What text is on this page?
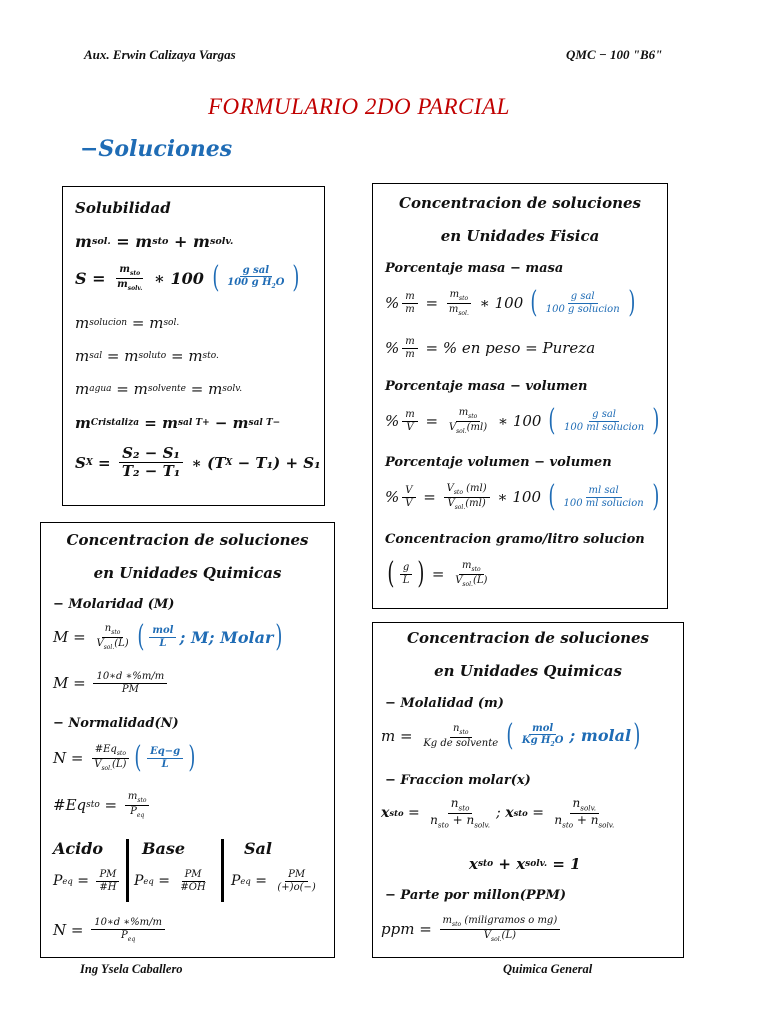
Aux. Erwin Calizaya Vargas	QMC − 100 "B6"
FORMULARIO 2DO PARCIAL
−Soluciones
Solubilidad
m sol. = m sto + m solv.
$S = m_{sto}$
$m_{solv.}$
∗ 100 (	g sal
100 g $H_2O$ )
m solucion = m sol.
m sal = m soluto = m sto.
m agua = m solvente = m solv.
m Cristaliza = m sal T+ − m sal T−
S $X = \frac{\text{S₂ − S₁}}{\text{T₂ − T₁}}$ ∗ (T X − T₁) + S₁
Concentracion de soluciones
en Unidades Fisica
Porcentaje masa − masa
% $\frac{m}{m} = m_{sto}$
$m_{sol.}$
∗ 100 (	g sal
100 g solucion )
% $\frac{m}{m}$ = % en peso = Pureza
Porcentaje masa − volumen
% $\frac{m}{V}$ =	$m_{sto}$
$V_{sol.}(ml)$ ∗ 100 (	g sal
100 ml solucion )
Porcentaje volumen − volumen
% $\frac{V}{V} = V_{sto}$ (ml)
$V_{sol.}(ml)$ ∗ 100 (	ml sal
100 ml solucion )
Concentracion gramo/litro solucion
( g
L ) =	$m_{sto}$
$V_{sol.}(L)$
Concentracion de soluciones
en Unidades Quimicas
− Molaridad (M)
M =	$n_{sto}$
$V_{sol.}(L)$ ( mol
L ; M; Molar )
$M = \frac{10∗d ∗\%m/m}{PM}$
− Normalidad(N)
$N = \#Eq_{sto}$
$V_{sol.}(L)$ ( $\frac{Eq-g}{L}$ )
#Eq sto = $m_{sto}$
$P_{eq}$
Acido Base	Sal
P eq = $\frac{PM}{\#H}$ P eq = $\frac{PM}{\#OH}$ P eq = $\frac{PM}{(+)o(-)}$
N = 10∗d ∗%m/m
$P_{eq}$
Concentracion de soluciones
en Unidades Quimicas
− Molalidad (m)
m =	$n_{sto}$
Kg de solvente (	mol
Kg $H_2O$ ; molal )
− Fraccion molar(x)
x sto =
$n_{sto}$
$n_{sto} + n_{solv.}$
; x sto =
$n_{solv.}$
$n_{sto} + n_{solv.}$
x sto + x solv. = 1
− Parte por millon(PPM)
ppm = $m_{sto}$ (miligramos o mg)
$V_{sol.}(L)$
Ing Ysela Caballero	Quimica General
